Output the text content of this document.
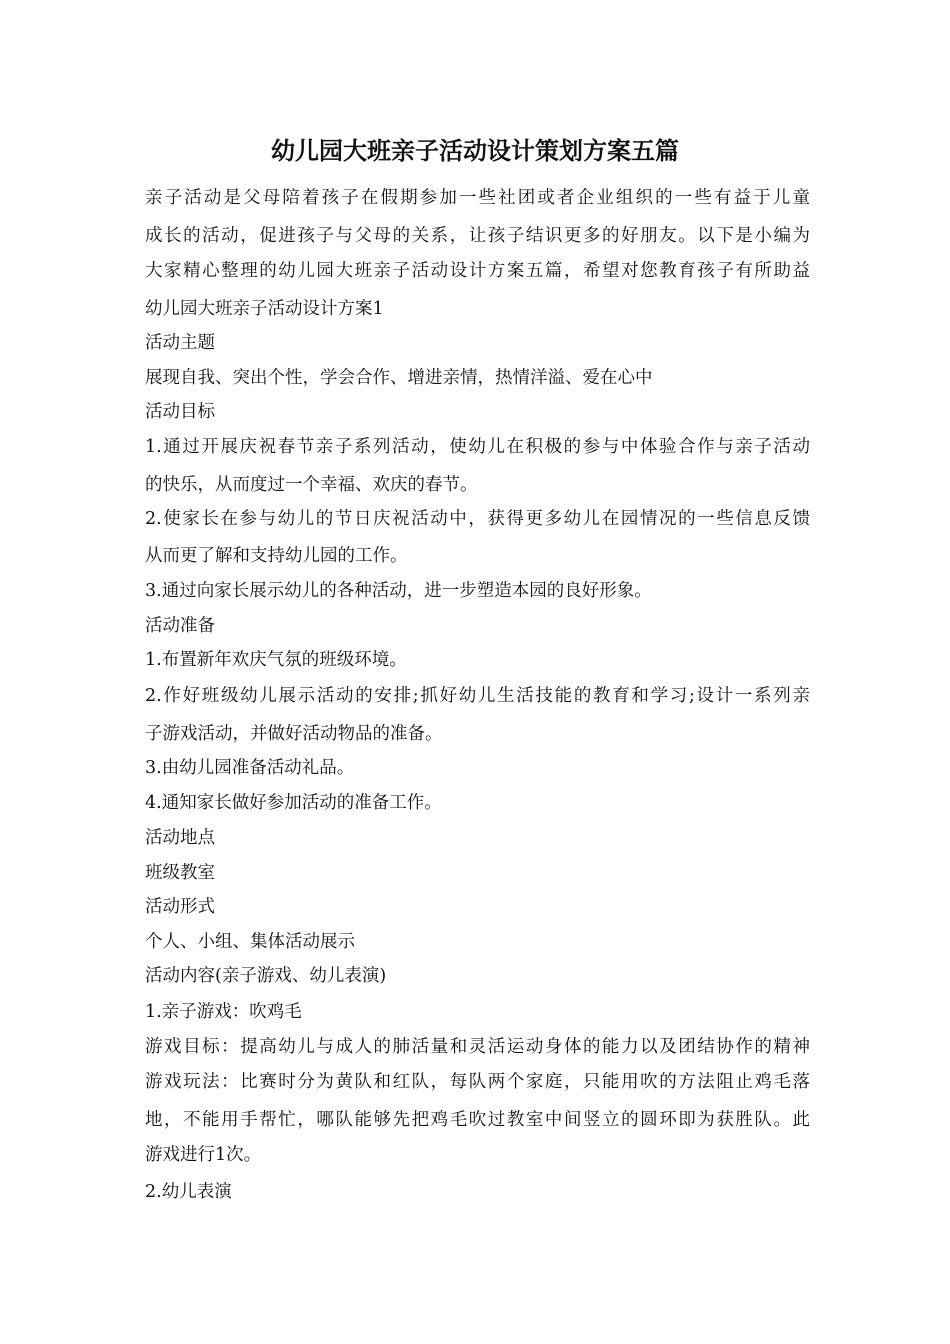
幼儿园大班亲子活动设计策划方案五篇
亲子活动是父母陪着孩子在假期参加一些社团或者企业组织的一些有益于儿童
成长的活动，促进孩子与父母的关系，让孩子结识更多的好朋友。以下是小编为
大家精心整理的幼儿园大班亲子活动设计方案五篇，希望对您教育孩子有所助益
幼儿园大班亲子活动设计方案1
活动主题
展现自我、突出个性，学会合作、增进亲情，热情洋溢、爱在心中
活动目标
1.通过开展庆祝春节亲子系列活动，使幼儿在积极的参与中体验合作与亲子活动
的快乐，从而度过一个幸福、欢庆的春节。
2.使家长在参与幼儿的节日庆祝活动中，获得更多幼儿在园情况的一些信息反馈
从而更了解和支持幼儿园的工作。
3.通过向家长展示幼儿的各种活动，进一步塑造本园的良好形象。
活动准备
1.布置新年欢庆气氛的班级环境。
2.作好班级幼儿展示活动的安排;抓好幼儿生活技能的教育和学习;设计一系列亲
子游戏活动，并做好活动物品的准备。
3.由幼儿园准备活动礼品。
4.通知家长做好参加活动的准备工作。
活动地点
班级教室
活动形式
个人、小组、集体活动展示
活动内容(亲子游戏、幼儿表演)
1.亲子游戏：吹鸡毛
游戏目标：提高幼儿与成人的肺活量和灵活运动身体的能力以及团结协作的精神
游戏玩法：比赛时分为黄队和红队，每队两个家庭，只能用吹的方法阻止鸡毛落
地，不能用手帮忙，哪队能够先把鸡毛吹过教室中间竖立的圆环即为获胜队。此
游戏进行1次。
2.幼儿表演
